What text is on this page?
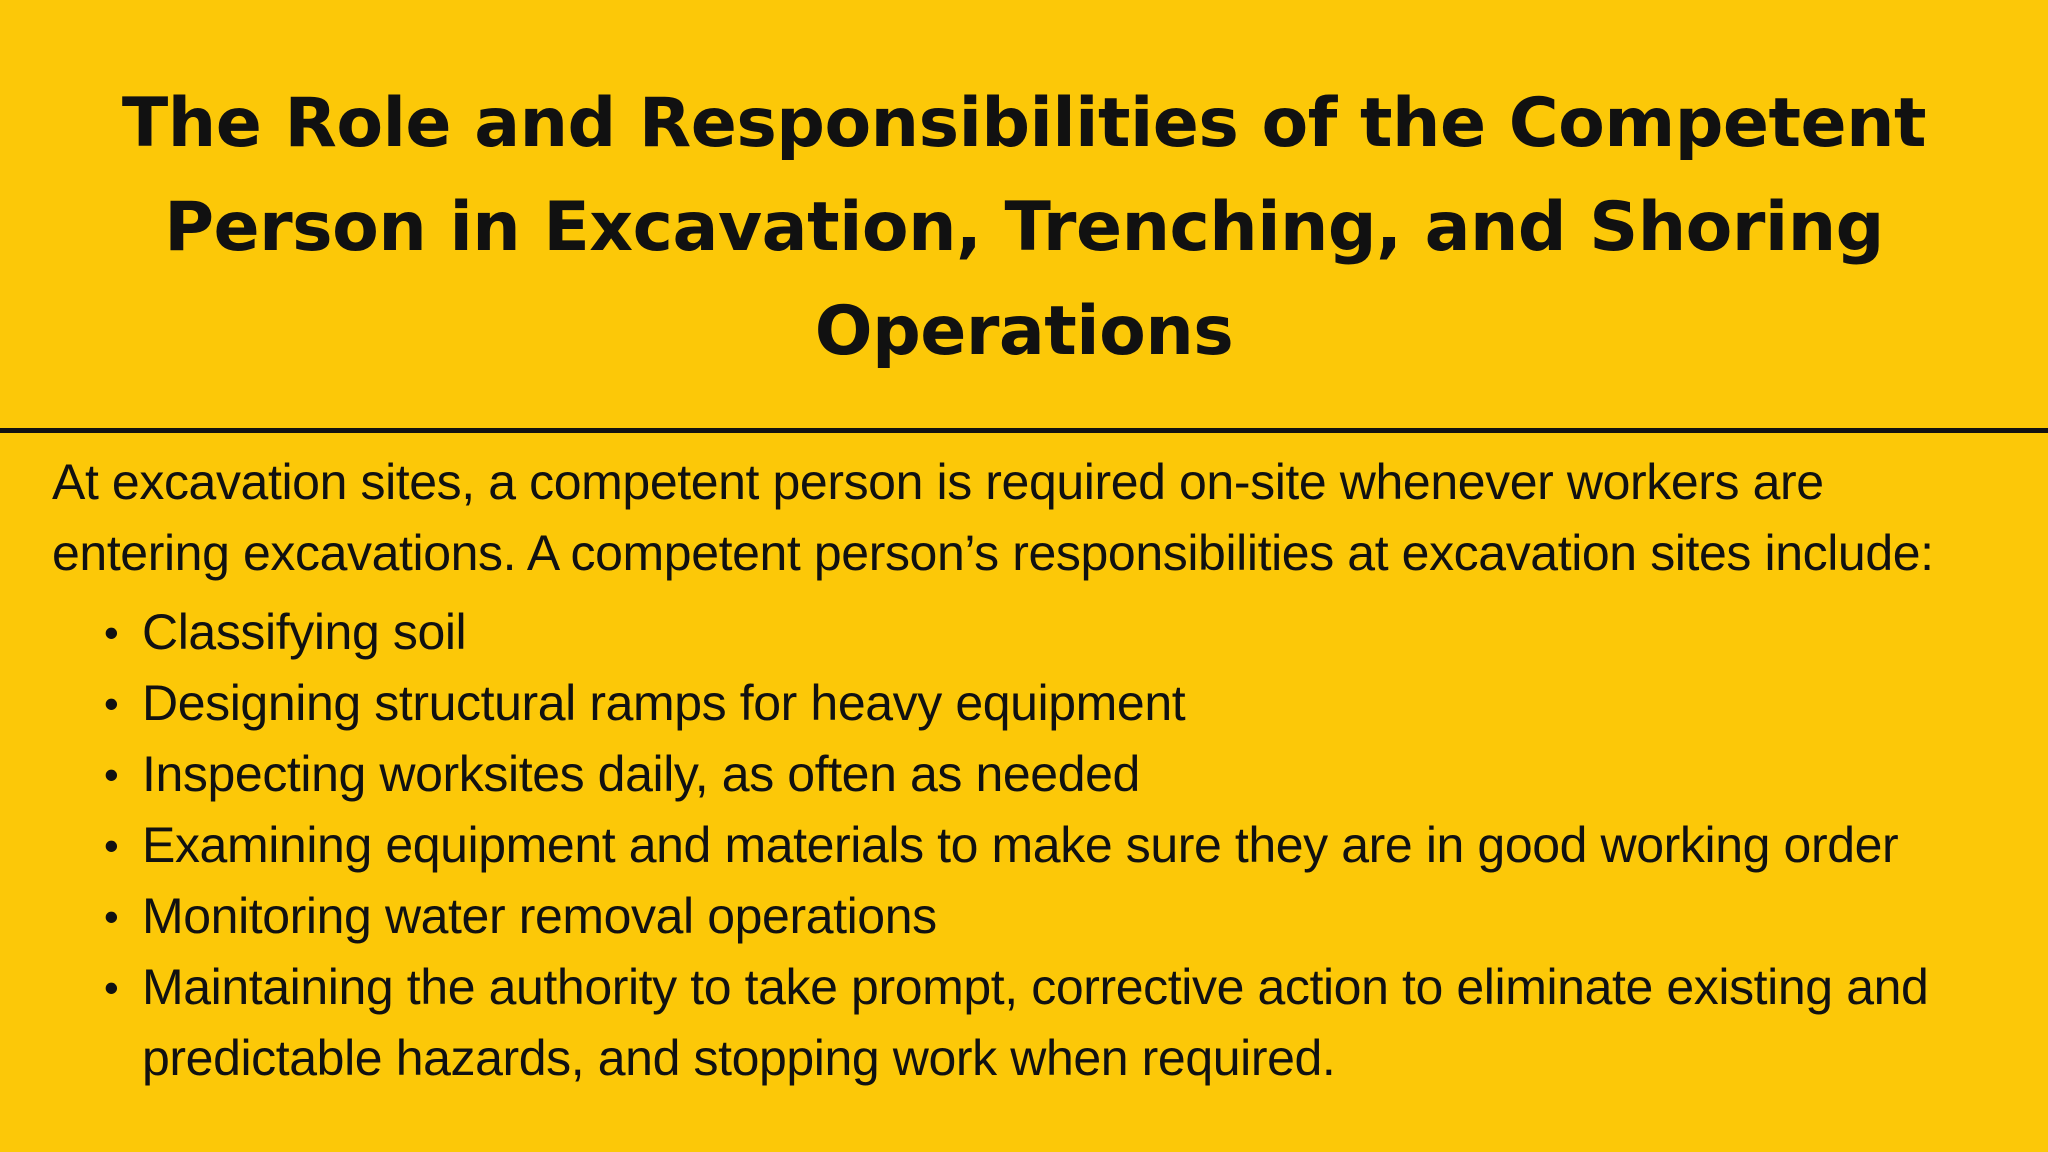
The Role and Responsibilities of the Competent Person in Excavation, Trenching, and Shoring Operations

At excavation sites, a competent person is required on-site whenever workers are entering excavations. A competent person’s responsibilities at excavation sites include:

• Classifying soil
• Designing structural ramps for heavy equipment
• Inspecting worksites daily, as often as needed
• Examining equipment and materials to make sure they are in good working order
• Monitoring water removal operations
• Maintaining the authority to take prompt, corrective action to eliminate existing and predictable hazards, and stopping work when required.
